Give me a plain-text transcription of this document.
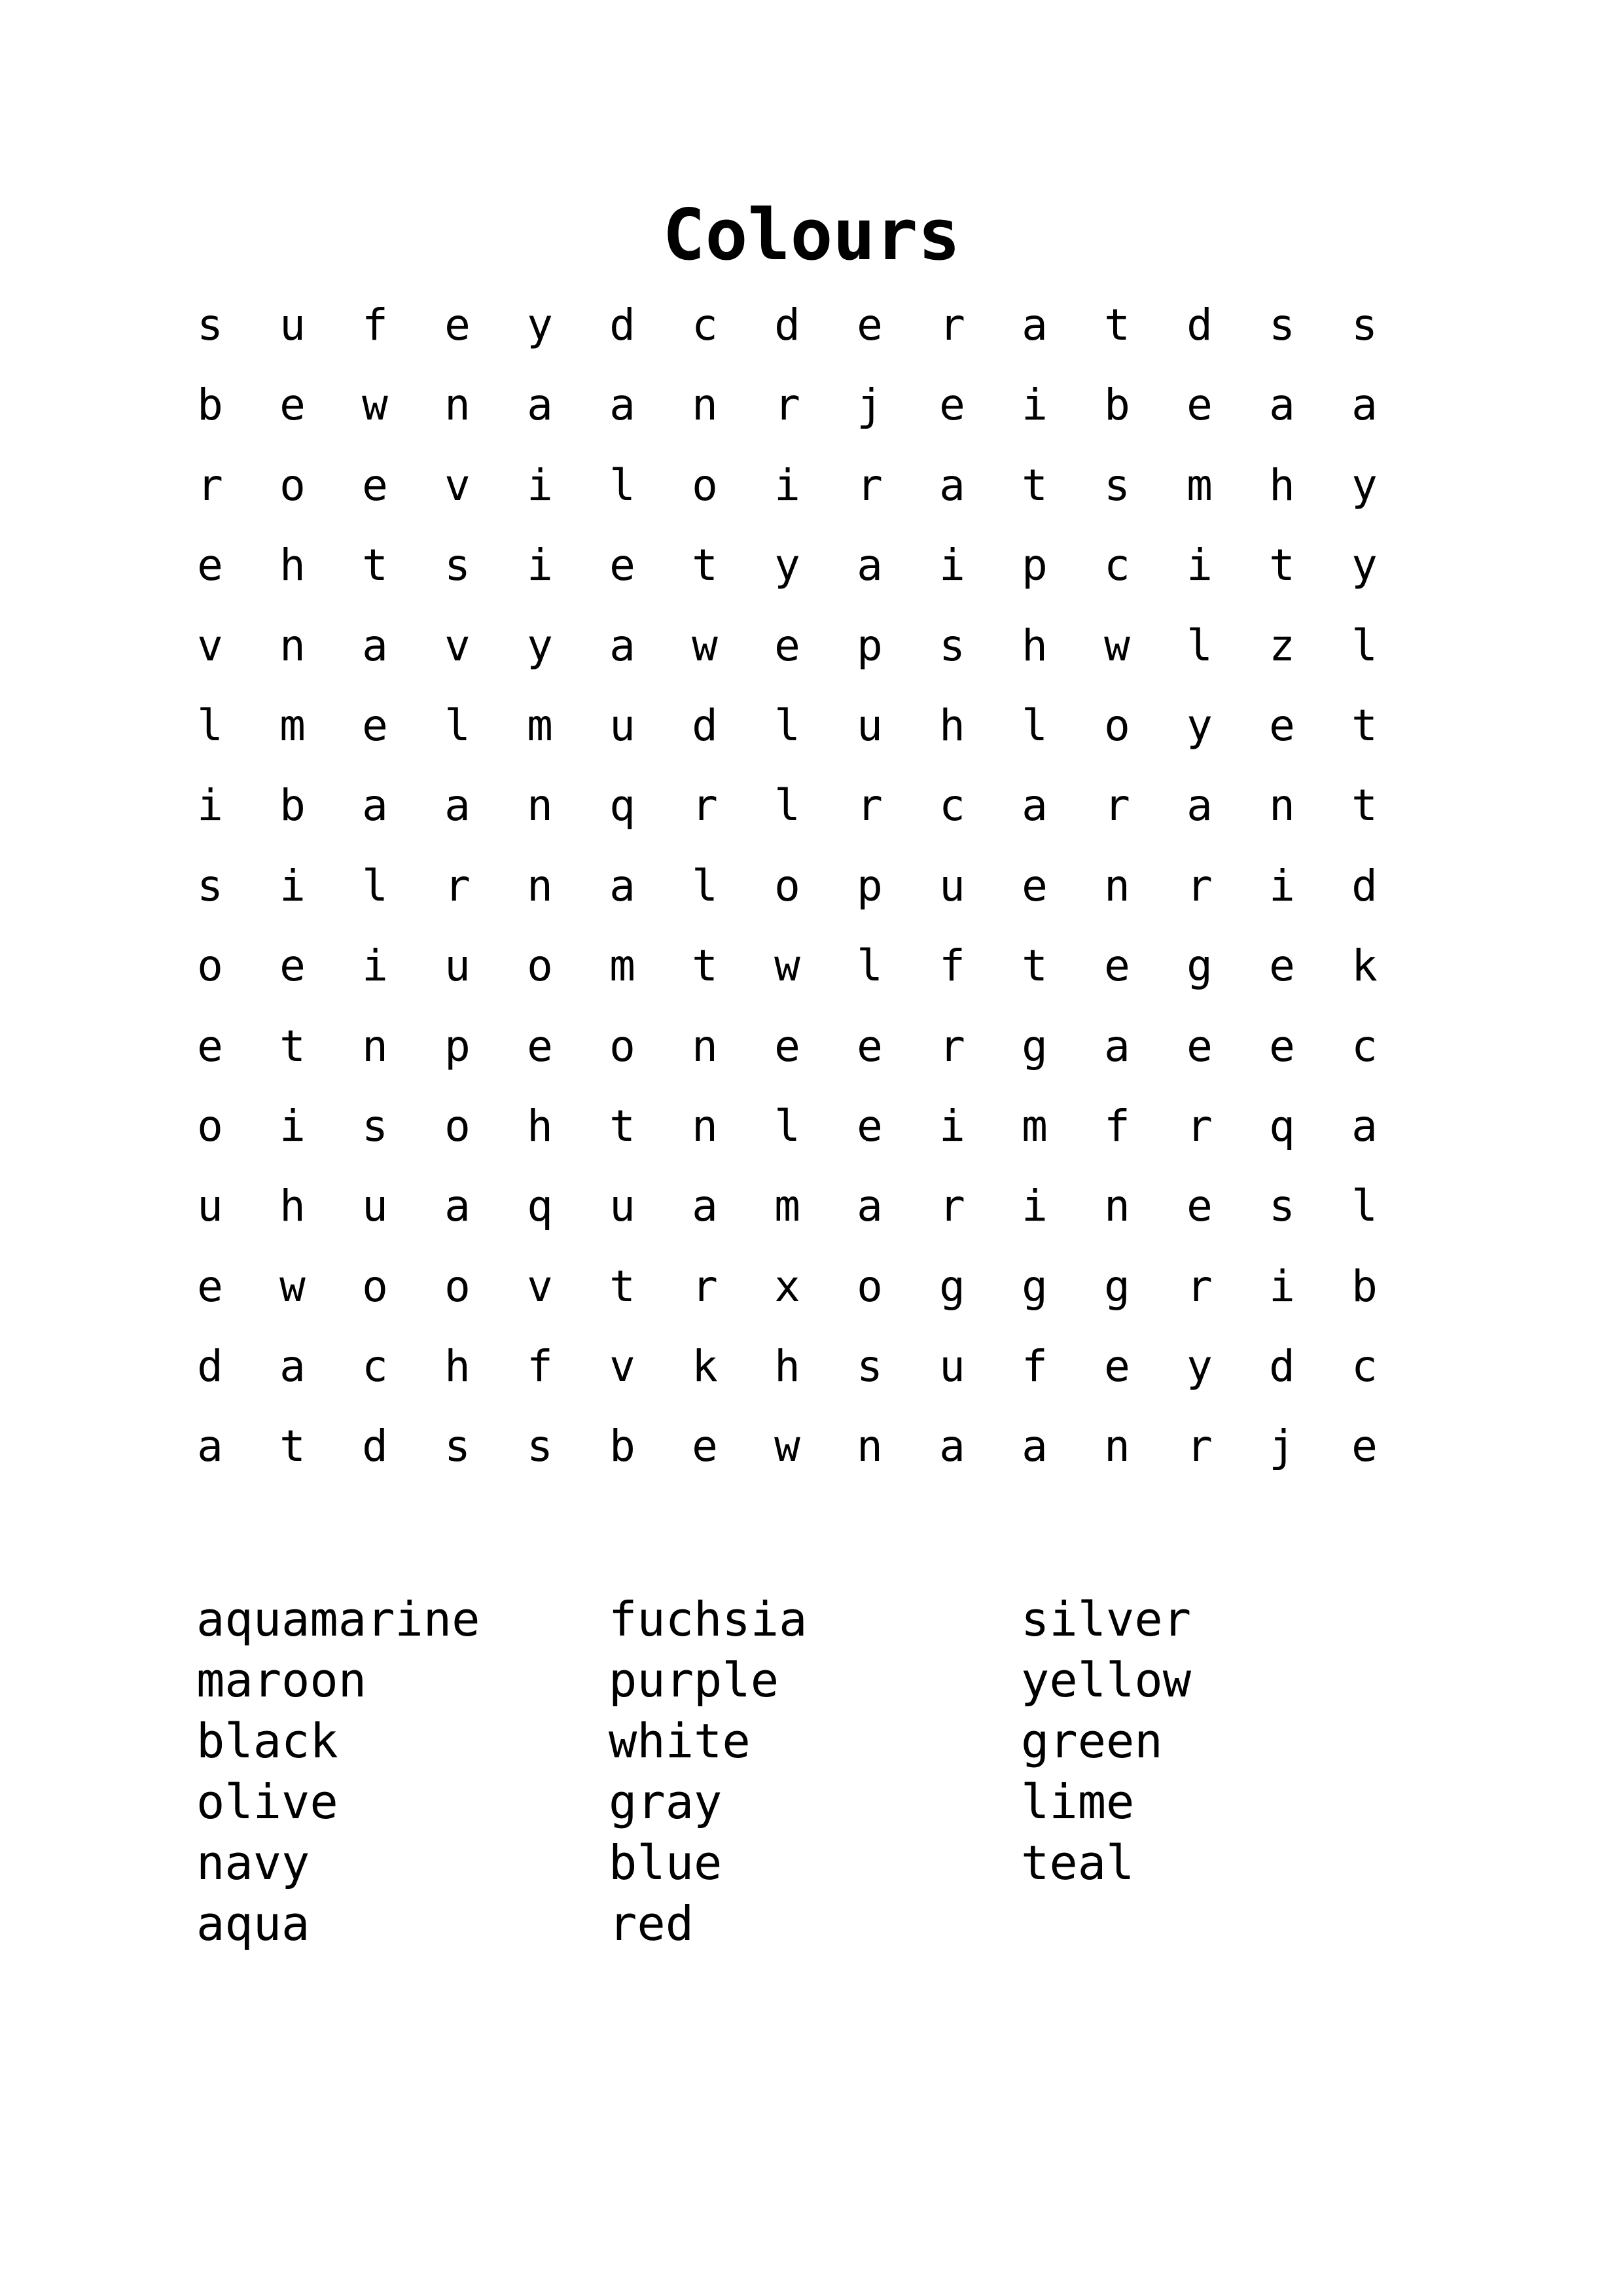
Colours
s	u	f	e	y	d	c	d	e	r	a	t	d	s	s
b	e	w	n	a	a	n	r	j	e	i	b	e	a	a
r	o	e	v	i	l	o	i	r	a	t	s	m	h	y
e	h	t	s	i	e	t	y	a	i	p	c	i	t	y
v	n	a	v	y	a	w	e	p	s	h	w	l	z	l
l	m	e	l	m	u	d	l	u	h	l	o	y	e	t
i	b	a	a	n	q	r	l	r	c	a	r	a	n	t
s	i	l	r	n	a	l	o	p	u	e	n	r	i	d
o	e	i	u	o	m	t	w	l	f	t	e	g	e	k
e	t	n	p	e	o	n	e	e	r	g	a	e	e	c
o	i	s	o	h	t	n	l	e	i	m	f	r	q	a
u	h	u	a	q	u	a	m	a	r	i	n	e	s	l
e	w	o	o	v	t	r	x	o	g	g	g	r	i	b
d	a	c	h	f	v	k	h	s	u	f	e	y	d	c
a	t	d	s	s	b	e	w	n	a	a	n	r	j	e
aquamarine
maroon
black
olive
navy
aqua
fuchsia
purple
white
gray
blue
red
silver
yellow
green
lime
teal
